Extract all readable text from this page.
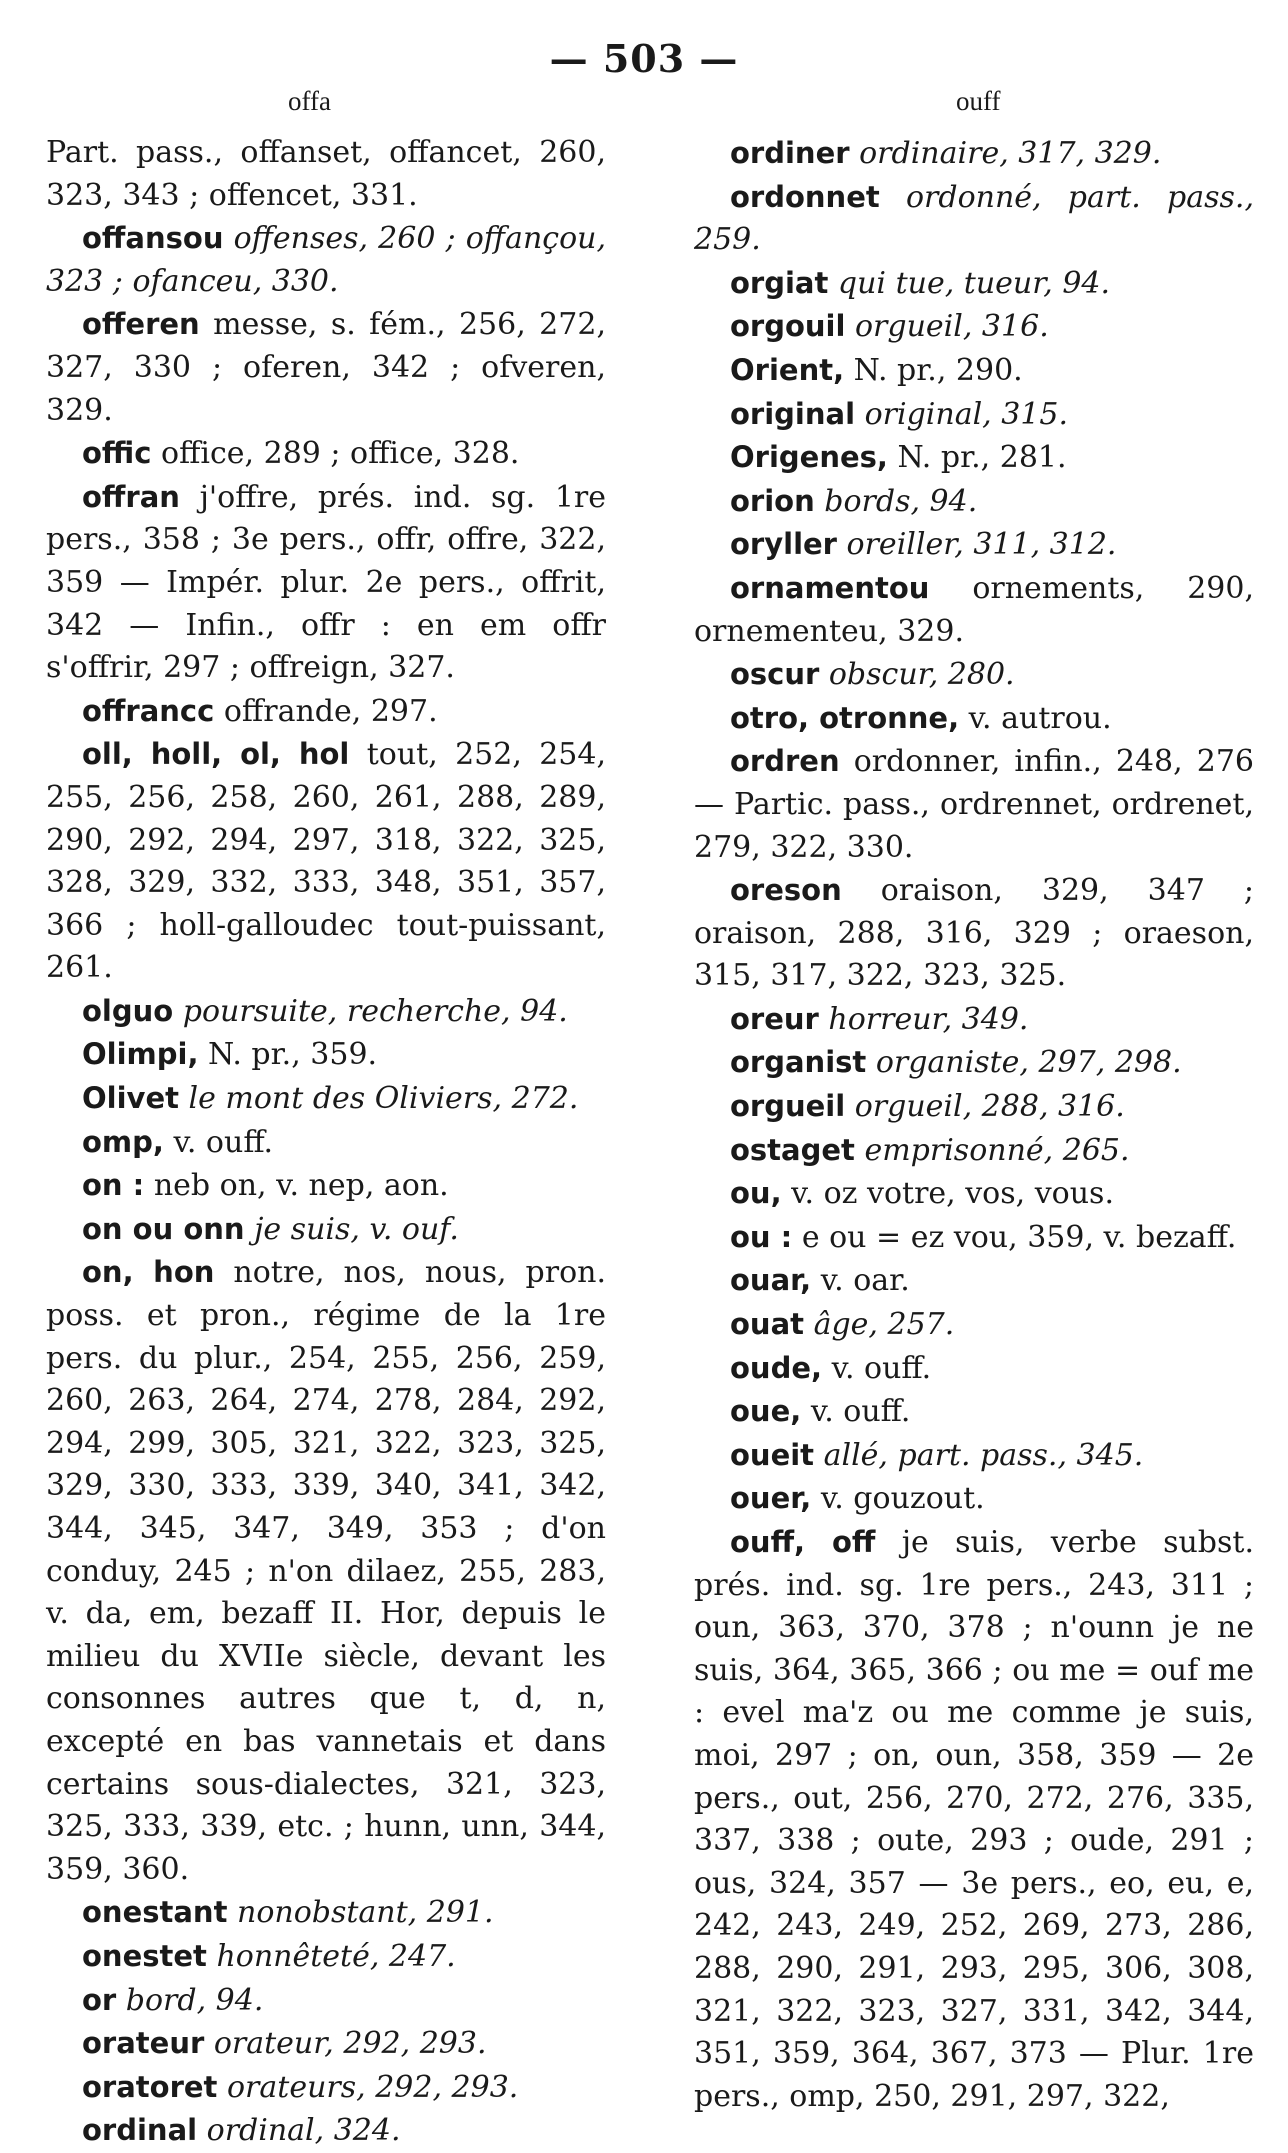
— 503 —
offa	ouff

Part. pass., offanset, offancet, 260, 323, 343 ; offencet, 331.

offansou offenses, 260 ; offançou, 323 ; ofanceu, 330.

offeren messe, s. fém., 256, 272, 327, 330 ; oferen, 342 ; ofveren, 329.

offic office, 289 ; office, 328.

offran j'offre, prés. ind. sg. 1re pers., 358 ; 3e pers., offr, offre, 322, 359 — Impér. plur. 2e pers., offrit, 342 — Infin., offr : en em offr s'offrir, 297 ; offreign, 327.

offrancc offrande, 297.

oll, holl, ol, hol tout, 252, 254, 255, 256, 258, 260, 261, 288, 289, 290, 292, 294, 297, 318, 322, 325, 328, 329, 332, 333, 348, 351, 357, 366 ; holl-galloudec tout-puissant, 261.

olguo poursuite, recherche, 94.

Olimpi, N. pr., 359.

Olivet le mont des Oliviers, 272.

omp, v. ouff.

on : neb on, v. nep, aon.

on ou onn je suis, v. ouf.

on, hon notre, nos, nous, pron. poss. et pron., régime de la 1re pers. du plur., 254, 255, 256, 259, 260, 263, 264, 274, 278, 284, 292, 294, 299, 305, 321, 322, 323, 325, 329, 330, 333, 339, 340, 341, 342, 344, 345, 347, 349, 353 ; d'on conduy, 245 ; n'on dilaez, 255, 283, v. da, em, bezaff II. Hor, depuis le milieu du XVIIe siècle, devant les consonnes autres que t, d, n, excepté en bas vannetais et dans certains sous-dialectes, 321, 323, 325, 333, 339, etc. ; hunn, unn, 344, 359, 360.

onestant nonobstant, 291.

onestet honnêteté, 247.

or bord, 94.

orateur orateur, 292, 293.

oratoret orateurs, 292, 293.

ordinal ordinal, 324.

ordiner ordinaire, 317, 329.

ordonnet ordonné, part. pass., 259.

orgiat qui tue, tueur, 94.

orgouil orgueil, 316.

Orient, N. pr., 290.

original original, 315.

Origenes, N. pr., 281.

orion bords, 94.

oryller oreiller, 311, 312.

ornamentou ornements, 290, ornementeu, 329.

oscur obscur, 280.

otro, otronne, v. autrou.

ordren ordonner, infin., 248, 276 — Partic. pass., ordrennet, ordrenet, 279, 322, 330.

oreson oraison, 329, 347 ; oraison, 288, 316, 329 ; oraeson, 315, 317, 322, 323, 325.

oreur horreur, 349.

organist organiste, 297, 298.

orgueil orgueil, 288, 316.

ostaget emprisonné, 265.

ou, v. oz votre, vos, vous.

ou : e ou = ez vou, 359, v. bezaff.

ouar, v. oar.

ouat âge, 257.

oude, v. ouff.

oue, v. ouff.

oueit allé, part. pass., 345.

ouer, v. gouzout.

ouff, off je suis, verbe subst. prés. ind. sg. 1re pers., 243, 311 ; oun, 363, 370, 378 ; n'ounn je ne suis, 364, 365, 366 ; ou me = ouf me : evel ma'z ou me comme je suis, moi, 297 ; on, oun, 358, 359 — 2e pers., out, 256, 270, 272, 276, 335, 337, 338 ; oute, 293 ; oude, 291 ; ous, 324, 357 — 3e pers., eo, eu, e, 242, 243, 249, 252, 269, 273, 286, 288, 290, 291, 293, 295, 306, 308, 321, 322, 323, 327, 331, 342, 344, 351, 359, 364, 367, 373 — Plur. 1re pers., omp, 250, 291, 297, 322,
